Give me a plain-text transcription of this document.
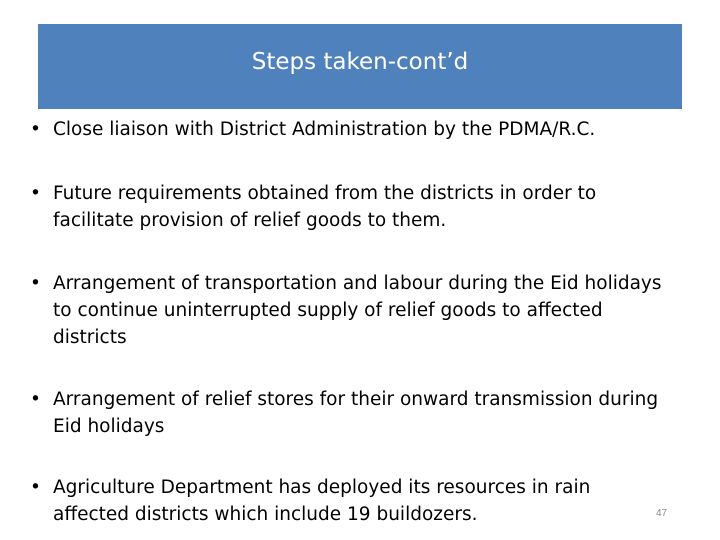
Steps taken-cont’d
• Close liaison with District Administration by the PDMA/R.C.
• Future requirements obtained from the districts in order to
facilitate provision of relief goods to them.
• Arrangement of transportation and labour during the Eid holidays
to continue uninterrupted supply of relief goods to affected
districts
• Arrangement of relief stores for their onward transmission during
Eid holidays
• Agriculture Department has deployed its resources in rain
affected districts which include 19 buildozers.	47
